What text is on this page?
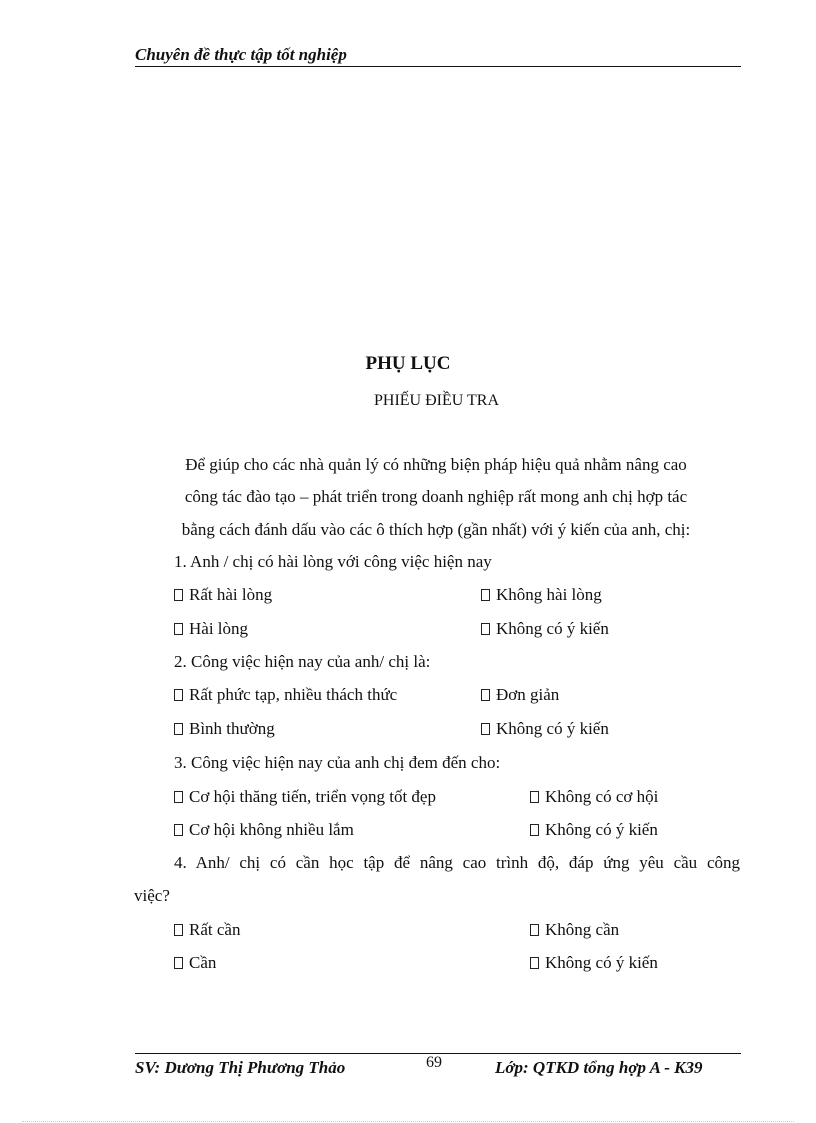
Chuyên đề thực tập tốt nghiệp
PHỤ LỤC
PHIẾU ĐIỀU TRA
Để giúp cho các nhà quản lý có những biện pháp hiệu quả nhằm nâng cao
công tác đào tạo – phát triển trong doanh nghiệp rất mong anh chị hợp tác
bằng cách đánh dấu vào các ô thích hợp (gần nhất) với ý kiến của anh, chị:
1. Anh / chị có hài lòng với công việc hiện nay
Rất hài lòng	Không hài lòng
Hài lòng	Không có ý kiến
2. Công việc hiện nay của anh/ chị là:
Rất phức tạp, nhiều thách thức	Đơn giản
Bình thường	Không có ý kiến
3. Công việc hiện nay của anh chị đem đến cho:
Cơ hội thăng tiến, triển vọng tốt đẹp	Không có cơ hội
Cơ hội không nhiều lắm	Không có ý kiến
4. Anh/ chị có cần học tập để nâng cao trình độ, đáp ứng yêu cầu công
việc?
Rất cần	Không cần
Cần	Không có ý kiến
SV: Dương Thị Phương Thảo	69	Lớp: QTKD tổng hợp A - K39
